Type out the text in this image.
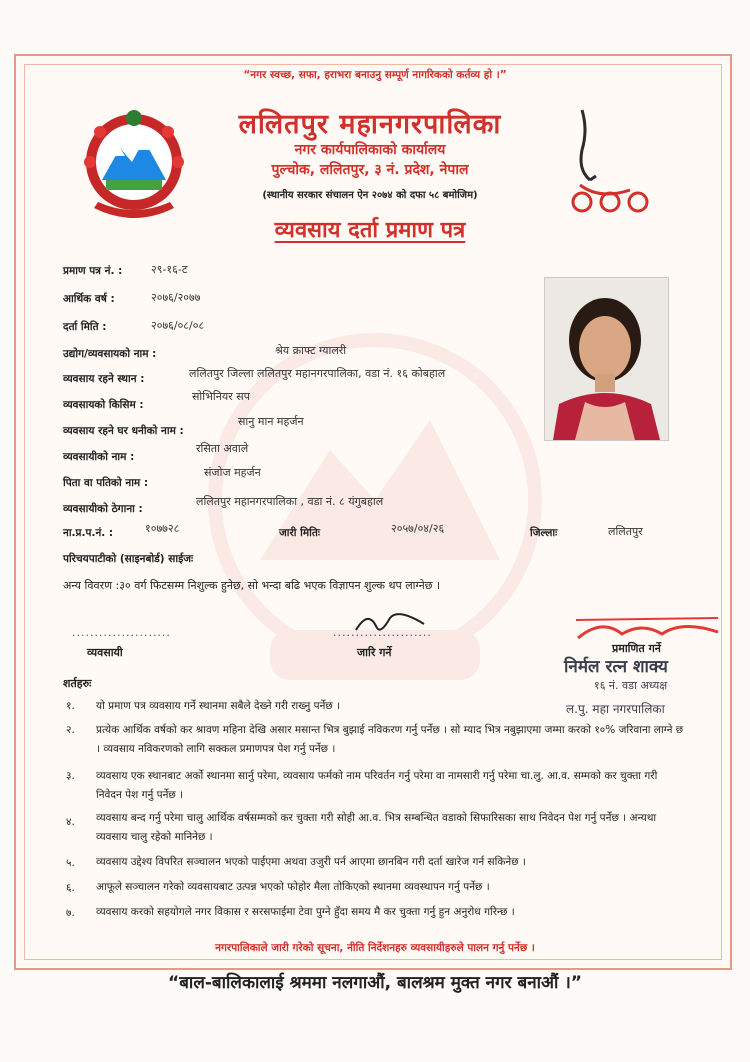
“नगर स्वच्छ, सफा, हराभरा बनाउनु सम्पूर्ण नागरिकको कर्तव्य हो ।”
ललितपुर महानगरपालिका
नगर कार्यपालिकाको कार्यालय
पुल्चोक, ललितपुर, ३ नं. प्रदेश, नेपाल
(स्थानीय सरकार संचालन ऐन २०७४ को दफा ५८ बमोजिम)
व्यवसाय दर्ता प्रमाण पत्र
प्रमाण पत्र नं. :	२९-१६-ट
आर्थिक वर्ष :	२०७६/२०७७
दर्ता मिति :	२०७६/०८/०८
उद्योग/व्यवसायको नाम :	श्रेय क्राफ्ट ग्यालरी
व्यवसाय रहने स्थान :	ललितपुर जिल्ला ललितपुर महानगरपालिका, वडा नं. १६ कोबहाल
व्यवसायको किसिम :
सोभिनियर सप
व्यवसाय रहने घर धनीको नाम :
सानु मान महर्जन
व्यवसायीको नाम :
रसिता अवाले
पिता वा पतिको नाम :
संजोज महर्जन
व्यवसायीको ठेगाना :
ललितपुर महानगरपालिका , वडा नं. ८ यंगुबहाल
ना.प्र.प.नं. :	१०७७२८	जारी मितिः	२०५७/०४/२६	जिल्लाः	ललितपुर
परिचयपाटीको (साइनबोर्ड) साईजः
अन्य विवरण :३० वर्ग फिटसम्म निशुल्क हुनेछ, सो भन्दा बढि भएक विज्ञापन शुल्क थप लाग्नेछ ।
......................	......................
व्यवसायी	जारि गर्ने	प्रमाणित गर्ने
निर्मल रत्न शाक्य
१६ नं. वडा अध्यक्ष
ल.पु. महा नगरपालिका
शर्तहरुः
१. यो प्रमाण पत्र व्यवसाय गर्ने स्थानमा सबैले देख्ने गरी राख्नु पर्नेछ ।
२. प्रत्येक आर्थिक वर्षको कर श्रावण महिना देखि असार मसान्त भित्र बुझाई नविकरण गर्नु पर्नेछ । सो म्याद भित्र नबुझाएमा जम्मा करको १०% जरिवाना लाग्ने छ । व्यवसाय नविकरणको लागि सक्कल प्रमाणपत्र पेश गर्नु पर्नेछ ।
३. व्यवसाय एक स्थानबाट अर्को स्थानमा सार्नु परेमा, व्यवसाय फर्मको नाम परिवर्तन गर्नु परेमा वा नामसारी गर्नु परेमा चा.लु. आ.व. सम्मको कर चुक्ता गरी निवेदन पेश गर्नु पर्नेछ ।
४. व्यवसाय बन्द गर्नु परेमा चालु आर्थिक वर्षसम्मको कर चुक्ता गरी सोही आ.व. भित्र सम्बन्धित वडाको सिफारिसका साथ निवेदन पेश गर्नु पर्नेछ । अन्यथा व्यवसाय चालु रहेको मानिनेछ ।
५. व्यवसाय उद्देश्य विपरित सञ्चालन भएको पाईएमा अथवा उजुरी पर्न आएमा छानबिन गरी दर्ता खारेज गर्न सकिनेछ ।
६. आफूले सञ्चालन गरेको व्यवसायबाट उत्पन्न भएको फोहोर मैला तोकिएको स्थानमा व्यवस्थापन गर्नु पर्नेछ ।
७. व्यवसाय करको सहयोगले नगर विकास र सरसफाईमा टेवा पुग्ने हुँदा समय मै कर चुक्ता गर्नु हुन अनुरोध गरिन्छ ।
नगरपालिकाले जारी गरेको सूचना, नीति निर्देशनहरु व्यवसायीहरुले पालन गर्नु पर्नेछ ।
“बाल-बालिकालाई श्रममा नलगाऔं, बालश्रम मुक्त नगर बनाऔं ।”
